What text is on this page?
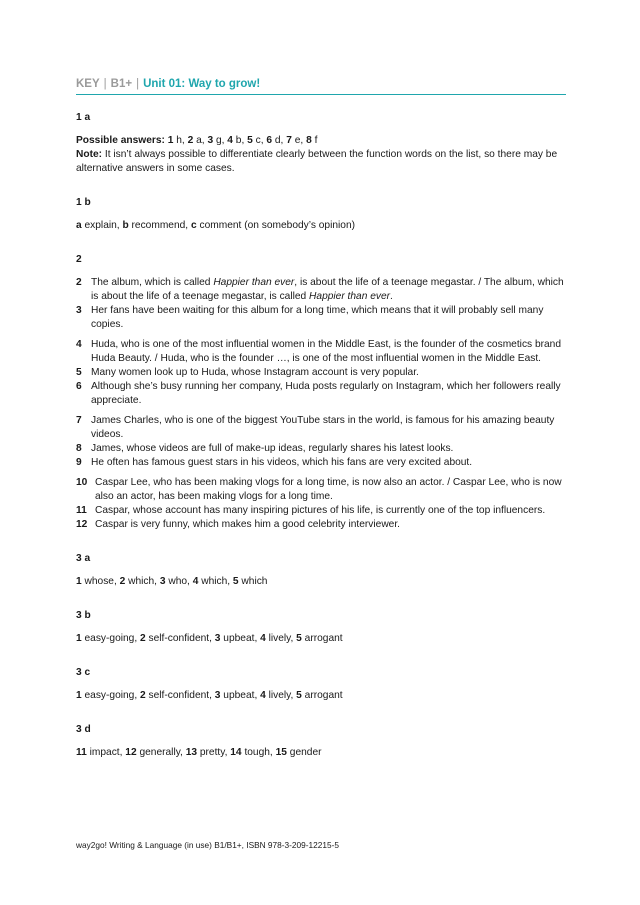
KEY | B1+ | Unit 01: Way to grow!
1 a

Possible answers: 1 h, 2 a, 3 g, 4 b, 5 c, 6 d, 7 e, 8 f

Note: It isn’t always possible to differentiate clearly between the function words on the list, so there may be alternative answers in some cases.

1 b

a explain, b recommend, c comment (on somebody’s opinion)

2
2 The album, which is called Happier than ever, is about the life of a teenage megastar. / The album, which is about the life of a teenage megastar, is called Happier than ever.
3 Her fans have been waiting for this album for a long time, which means that it will probably sell many copies.
4 Huda, who is one of the most influential women in the Middle East, is the founder of the cosmetics brand Huda Beauty. / Huda, who is the founder …, is one of the most influential women in the Middle East.
5 Many women look up to Huda, whose Instagram account is very popular.
6 Although she’s busy running her company, Huda posts regularly on Instagram, which her followers really appreciate.
7 James Charles, who is one of the biggest YouTube stars in the world, is famous for his amazing beauty videos.
8 James, whose videos are full of make-up ideas, regularly shares his latest looks.
9 He often has famous guest stars in his videos, which his fans are very excited about.
10 Caspar Lee, who has been making vlogs for a long time, is now also an actor. / Caspar Lee, who is now also an actor, has been making vlogs for a long time.
11 Caspar, whose account has many inspiring pictures of his life, is currently one of the top influencers.
12 Caspar is very funny, which makes him a good celebrity interviewer.
3 a

1 whose, 2 which, 3 who, 4 which, 5 which

3 b

1 easy-going, 2 self-confident, 3 upbeat, 4 lively, 5 arrogant

3 c

1 easy-going, 2 self-confident, 3 upbeat, 4 lively, 5 arrogant

3 d

11 impact, 12 generally, 13 pretty, 14 tough, 15 gender

way2go! Writing & Language (in use) B1/B1+, ISBN 978-3-209-12215-5
